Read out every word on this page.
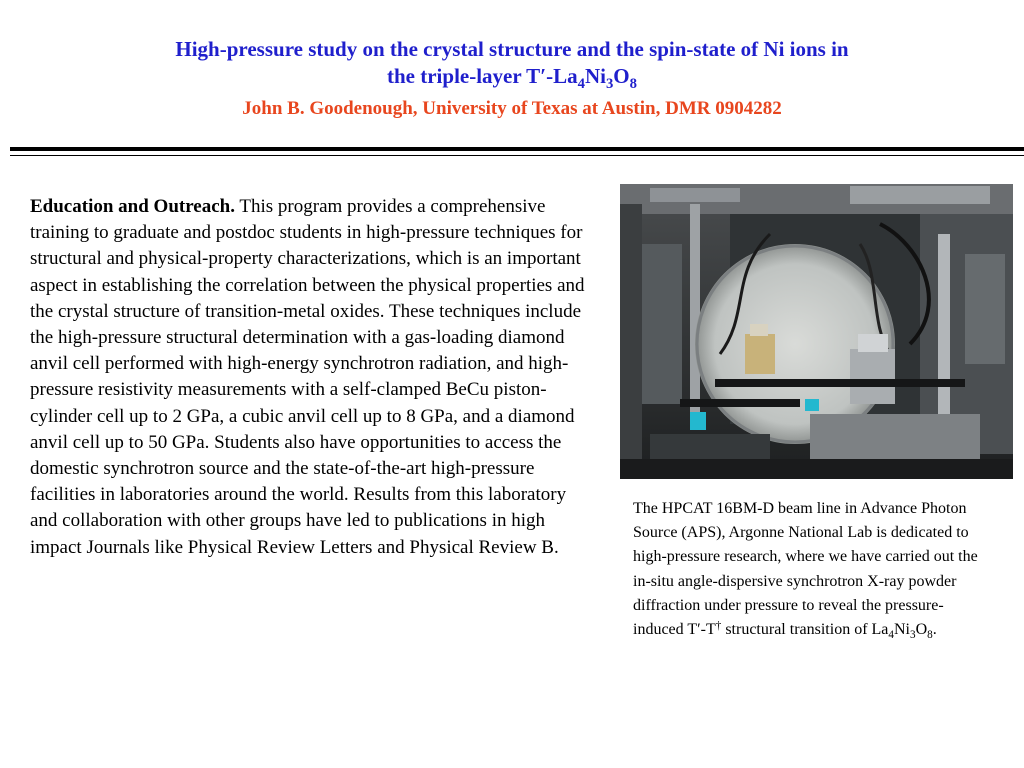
High-pressure study on the crystal structure and the spin-state of Ni ions in
the triple-layer $T'-La_4Ni_3O_8$
John B. Goodenough, University of Texas at Austin, DMR 0904282
Education and Outreach. This program provides a comprehensive training to graduate and postdoc students in high-pressure techniques for structural and physical-property characterizations, which is an important aspect in establishing the correlation between the physical properties and the crystal structure of transition-metal oxides. These techniques include the high-pressure structural determination with a gas-loading diamond anvil cell performed with high-energy synchrotron radiation, and high-pressure resistivity measurements with a self-clamped BeCu piston-cylinder cell up to 2 GPa, a cubic anvil cell up to 8 GPa, and a diamond anvil cell up to 50 GPa. Students also have opportunities to access the domestic synchrotron source and the state-of-the-art high-pressure facilities in laboratories around the world. Results from this laboratory and collaboration with other groups have led to publications in high impact Journals like Physical Review Letters and Physical Review B.
The HPCAT 16BM-D beam line in Advance Photon Source (APS), Argonne National Lab is dedicated to high-pressure research, where we have carried out the in-situ angle-dispersive synchrotron X-ray powder diffraction under pressure to reveal the pressure-induced T′-T† structural transition of $La_4Ni_3O_8$.
